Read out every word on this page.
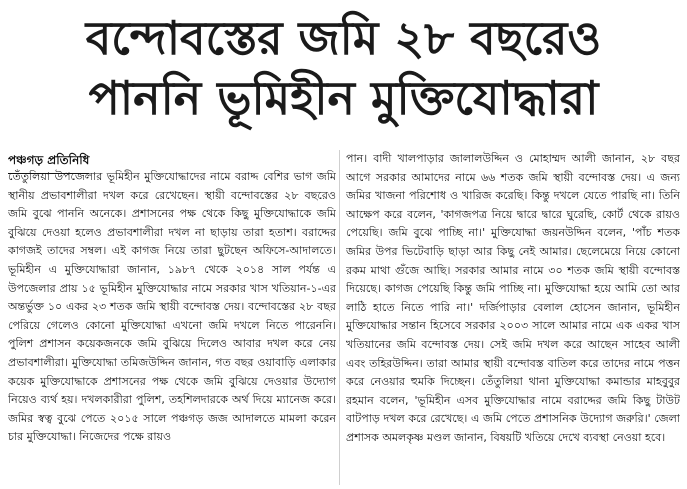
বন্দোবস্তের জমি ২৮ বছরেও
পাননি ভূমিহীন মুক্তিযোদ্ধারা
পঞ্চগড় প্রতিনিধি

তেঁতুলিয়া উপজেলার ভূমিহীন মুক্তিযোদ্ধাদের নামে বরাদ্দ বেশির ভাগ জমি স্থানীয় প্রভাবশালীরা দখল করে রেখেছেন। স্থায়ী বন্দোবস্তের ২৮ বছরেও জমি বুঝে পাননি অনেকে। প্রশাসনের পক্ষ থেকে কিছু মুক্তিযোদ্ধাকে জমি বুঝিয়ে দেওয়া হলেও প্রভাবশালীরা দখল না ছাড়ায় তারা হতাশ। বরাদ্দের কাগজই তাদের সম্বল। এই কাগজ নিয়ে তারা ছুটছেন অফিসে-আদালতে। ভূমিহীন এ মুক্তিযোদ্ধারা জানান, ১৯৮৭ থেকে ২০১৪ সাল পর্যন্ত এ উপজেলার প্রায় ১৫ ভূমিহীন মুক্তিযোদ্ধার নামে সরকার খাস খতিয়ান-১-এর অন্তর্ভুক্ত ১০ একর ২৩ শতক জমি স্থায়ী বন্দোবস্ত দেয়। বন্দোবস্তের ২৮ বছর পেরিয়ে গেলেও কোনো মুক্তিযোদ্ধা এখনো জমি দখলে নিতে পারেননি। পুলিশ প্রশাসন কয়েকজনকে জমি বুঝিয়ে দিলেও আবার দখল করে নেয় প্রভাবশালীরা। মুক্তিযোদ্ধা তমিজউদ্দিন জানান, গত বছর ওয়াবাড়ি এলাকার কয়েক মুক্তিযোদ্ধাকে প্রশাসনের পক্ষ থেকে জমি বুঝিয়ে দেওয়ার উদ্যোগ নিয়েও ব্যর্থ হয়। দখলকারীরা পুলিশ, তহশিলদারকে অর্থ দিয়ে ম্যানেজ করে। জমির স্বত্ব বুঝে পেতে ২০১৫ সালে পঞ্চগড় জজ আদালতে মামলা করেন চার মুক্তিযোদ্ধা। নিজেদের পক্ষে রায়ও

পান। বাদী খালপাড়ার জালালউদ্দিন ও মোহাম্মদ আলী জানান, ২৮ বছর আগে সরকার আমাদের নামে ৬৬ শতক জমি স্থায়ী বন্দোবস্ত দেয়। এ জন্য জমির খাজনা পরিশোধ ও খারিজ করেছি। কিন্তু দখলে যেতে পারছি না। তিনি আক্ষেপ করে বলেন, 'কাগজপত্র নিয়ে দ্বারে দ্বারে ঘুরেছি, কোর্ট থেকে রায়ও পেয়েছি। জমি বুঝে পাচ্ছি না।' মুক্তিযোদ্ধা জয়নউদ্দিন বলেন, 'পাঁচ শতক জমির উপর ভিটেবাড়ি ছাড়া আর কিছু নেই আমার। ছেলেমেয়ে নিয়ে কোনো রকম মাথা গুঁজে আছি। সরকার আমার নামে ৩০ শতক জমি স্থায়ী বন্দোবস্ত দিয়েছে। কাগজ পেয়েছি কিন্তু জমি পাচ্ছি না। মুক্তিযোদ্ধা হয়ে আমি তো আর লাঠি হাতে নিতে পারি না।' দর্জিপাড়ার বেলাল হোসেন জানান, ভূমিহীন মুক্তিযোদ্ধার সন্তান হিসেবে সরকার ২০০৩ সালে আমার নামে এক একর খাস খতিয়ানের জমি বন্দোবস্ত দেয়। সেই জমি দখল করে আছেন সাহেব আলী এবং তহিরউদ্দিন। তারা আমার স্থায়ী বন্দোবস্ত বাতিল করে তাদের নামে পত্তন করে নেওয়ার হুমকি দিচ্ছেন। তেঁতুলিয়া থানা মুক্তিযোদ্ধা কমান্ডার মাহবুবুর রহমান বলেন, 'ভূমিহীন এসব মুক্তিযোদ্ধার নামে বরাদ্দের জমি কিছু টাউট বাটপাড় দখল করে রেখেছে। এ জমি পেতে প্রশাসনিক উদ্যোগ জরুরি।' জেলা প্রশাসক অমলকৃষ্ণ মণ্ডল জানান, বিষয়টি খতিয়ে দেখে ব্যবস্থা নেওয়া হবে।
